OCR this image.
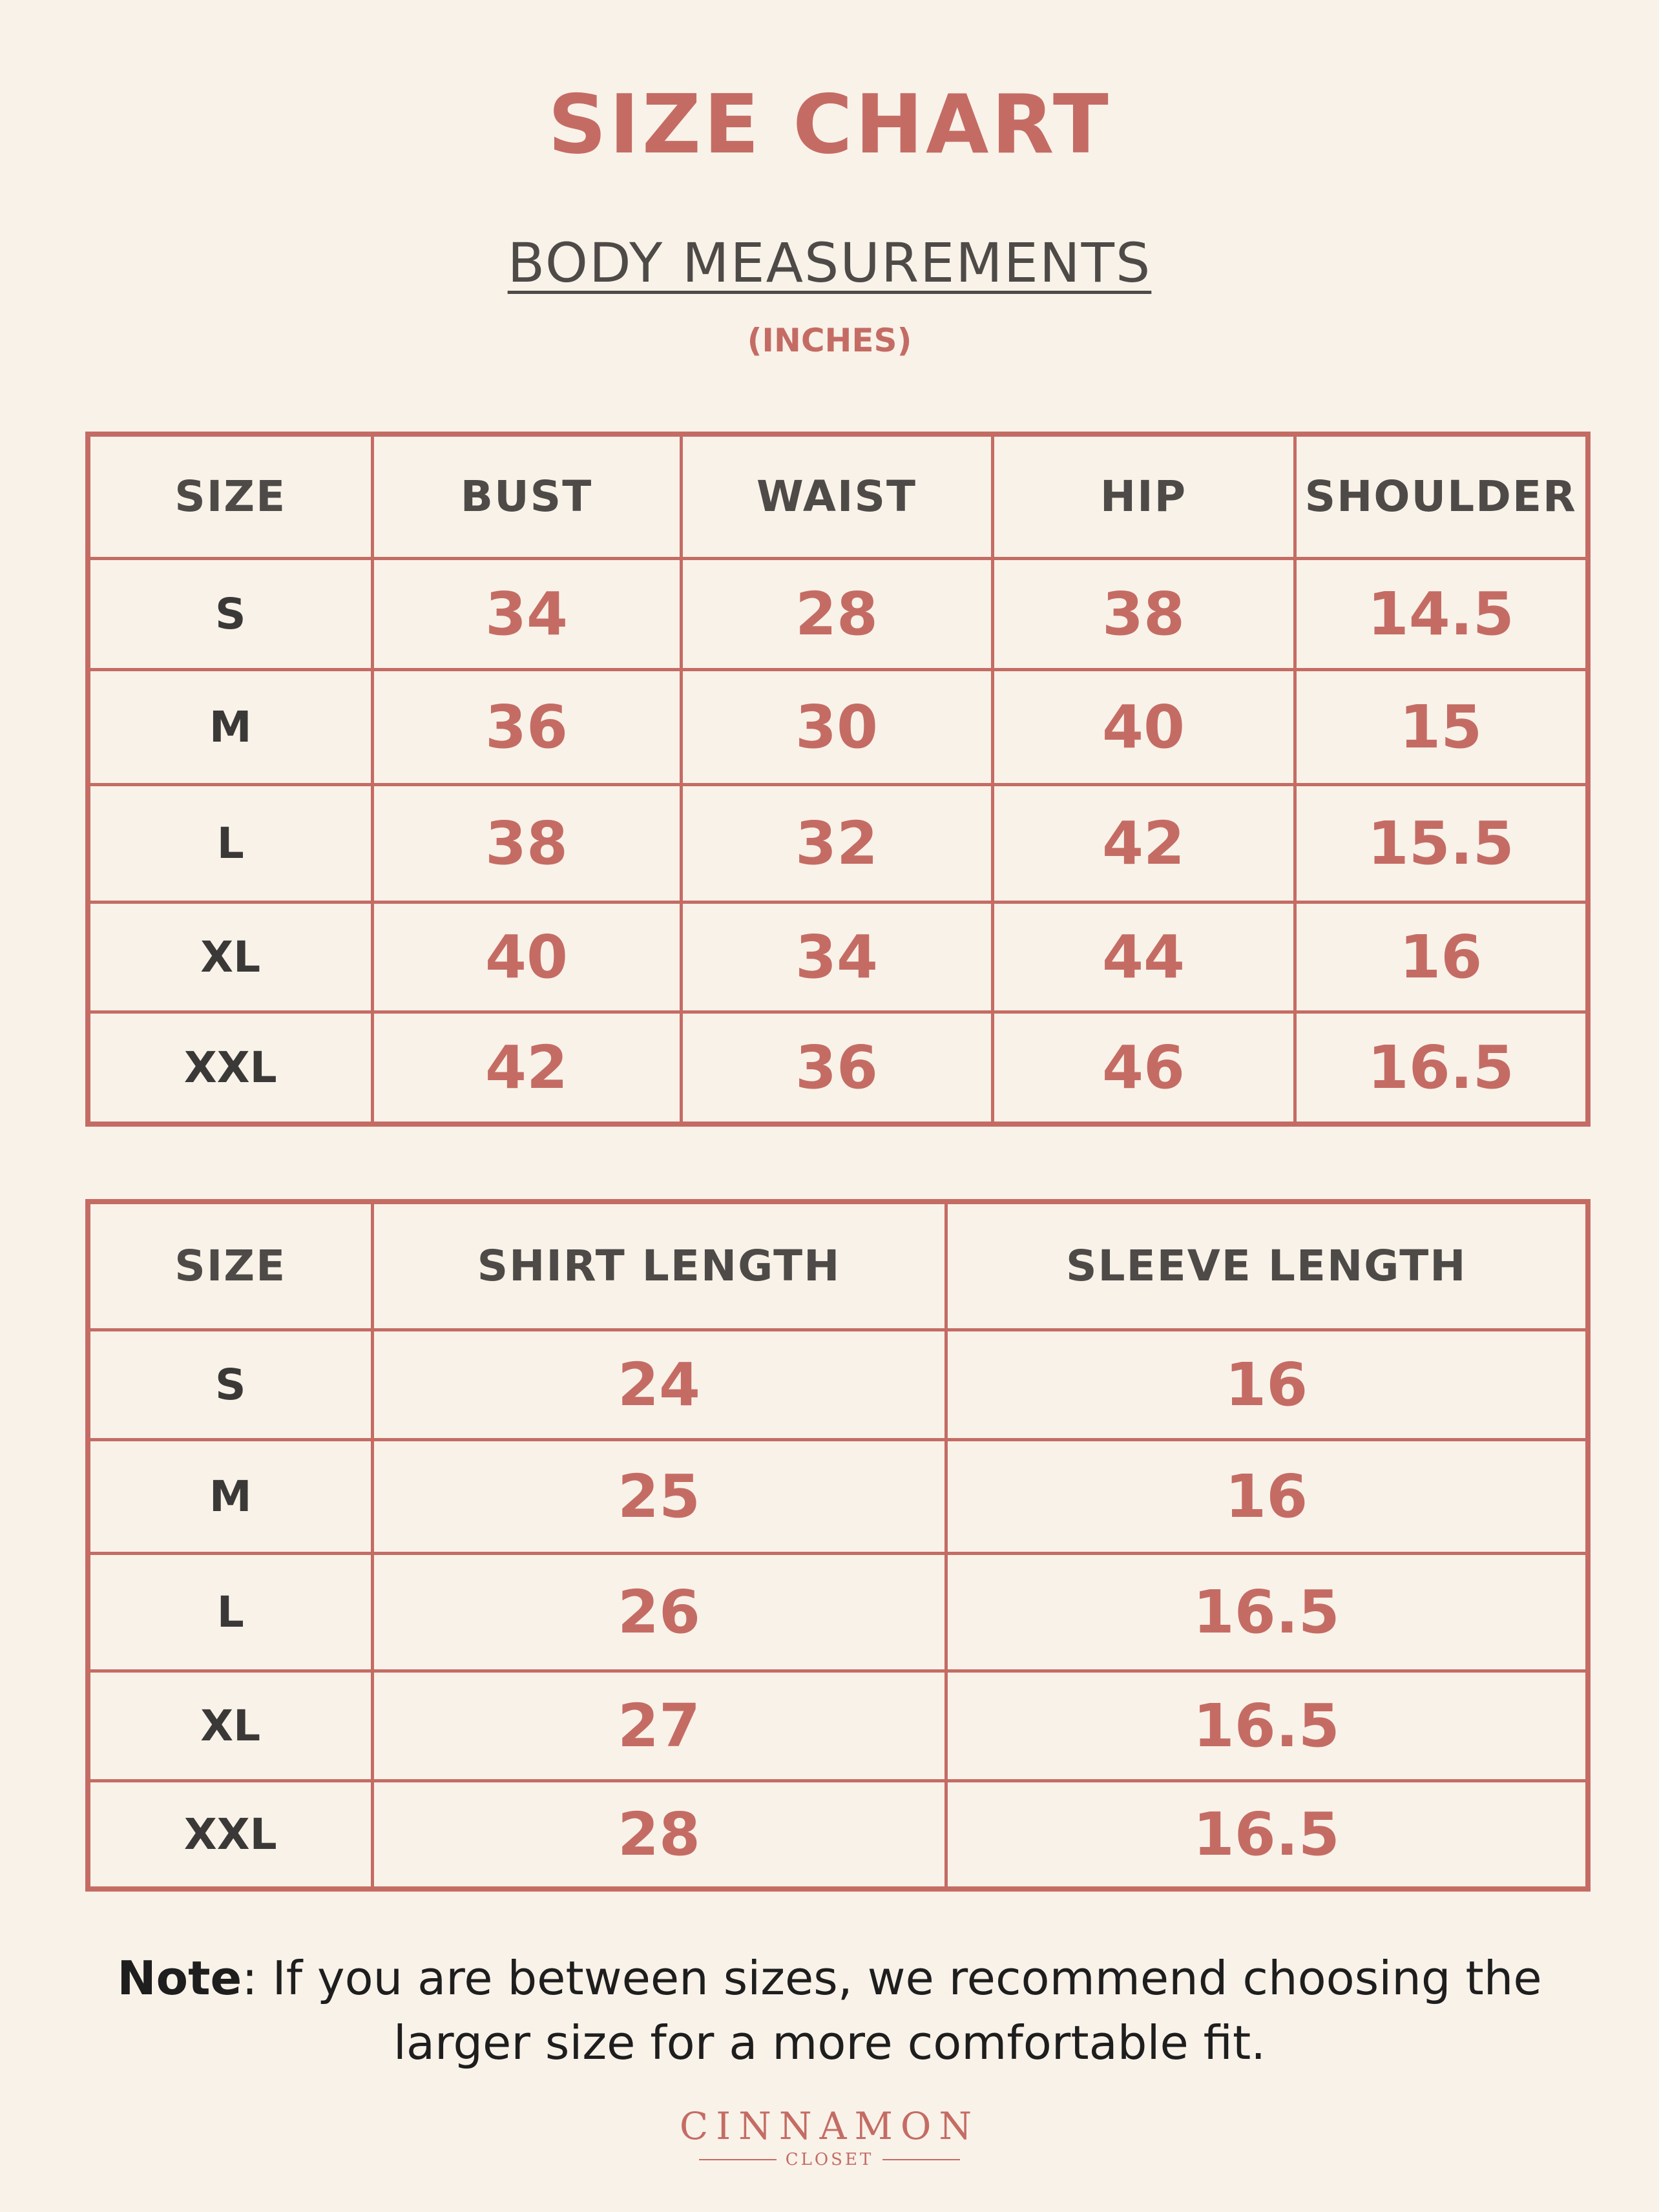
SIZE CHART
BODY MEASUREMENTS
(INCHES)
SIZE	BUST	WAIST	HIP	SHOULDER
S	34	28	38	14.5
M	36	30	40	15
L	38	32	42	15.5
XL	40	34	44	16
XXL	42	36	46	16.5
SIZE	SHIRT LENGTH	SLEEVE LENGTH
S	24	16
M	25	16
L	26	16.5
XL	27	16.5
XXL	28	16.5
Note: If you are between sizes, we recommend choosing the larger size for a more comfortable fit.
CINNAMON
CLOSET
